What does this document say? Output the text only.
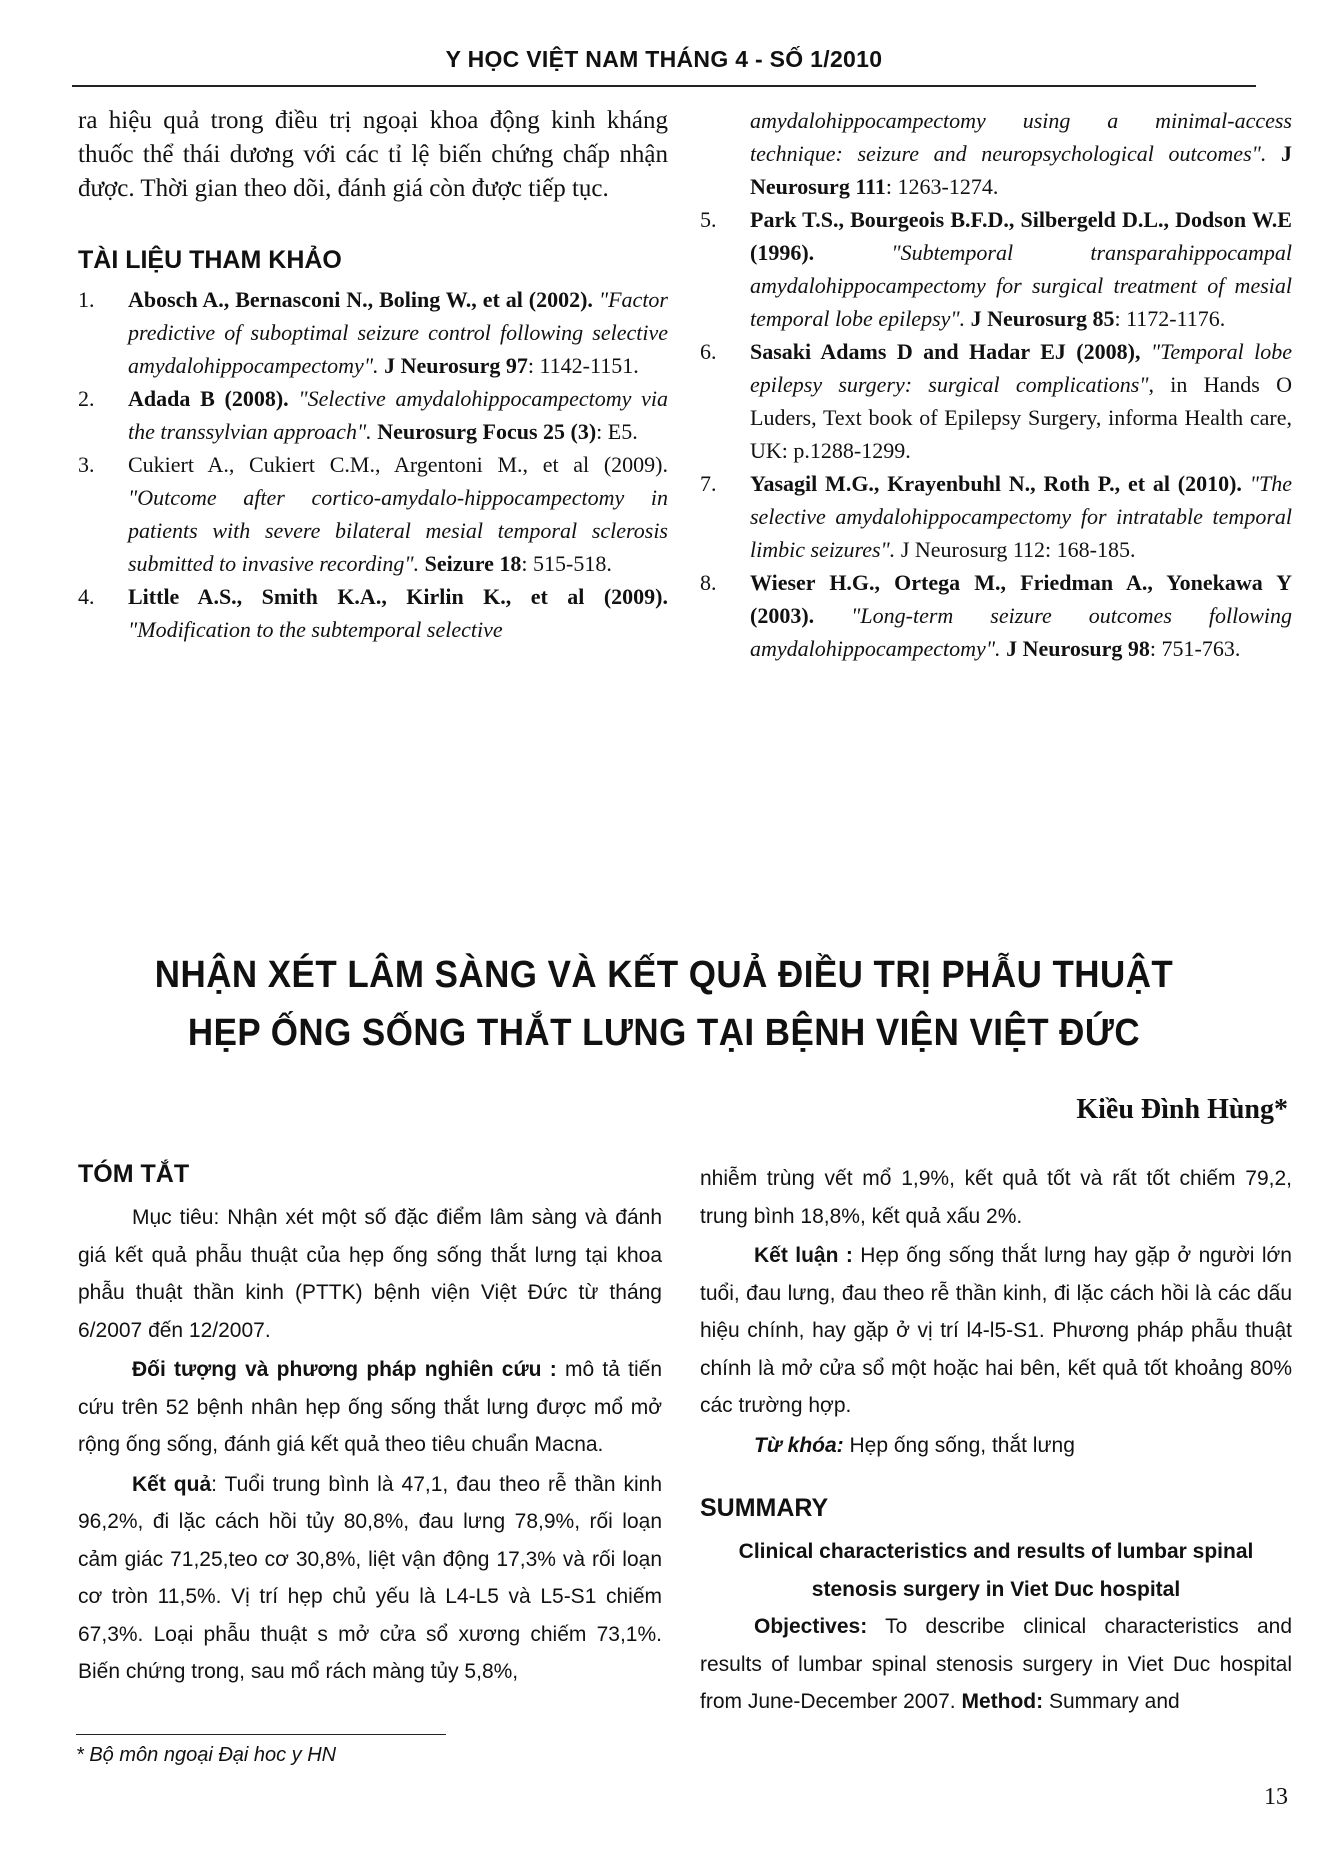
Y HỌC VIỆT NAM THÁNG 4 - SỐ 1/2010

ra hiệu quả trong điều trị ngoại khoa động kinh kháng thuốc thể thái dương với các tỉ lệ biến chứng chấp nhận được. Thời gian theo dõi, đánh giá còn được tiếp tục.

TÀI LIỆU THAM KHẢO
1.	Abosch A., Bernasconi N., Boling W., et al (2002). "Factor predictive of suboptimal seizure control following selective amydalohippocampectomy". J Neurosurg 97: 1142-1151.
2.	Adada B (2008). "Selective amydalohippocampectomy via the transsylvian approach". Neurosurg Focus 25 (3): E5.
3.	Cukiert A., Cukiert C.M., Argentoni M., et al (2009). "Outcome after cortico-amydalo-hippocampectomy in patients with severe bilateral mesial temporal sclerosis submitted to invasive recording". Seizure 18: 515-518.
4.	Little A.S., Smith K.A., Kirlin K., et al (2009). "Modification to the subtemporal selective
amydalohippocampectomy using a minimal-access technique: seizure and neuropsychological outcomes". J Neurosurg 111: 1263-1274.
5.	Park T.S., Bourgeois B.F.D., Silbergeld D.L., Dodson W.E (1996).	"Subtemporal transparahippocampal amydalohippocampectomy for surgical treatment of mesial temporal lobe epilepsy". J Neurosurg 85: 1172-1176.
6.	Sasaki Adams D and Hadar EJ (2008), "Temporal lobe epilepsy surgery: surgical complications", in Hands O Luders, Text book of Epilepsy Surgery, informa Health care, UK: p.1288-1299.
7.	Yasagil M.G., Krayenbuhl N., Roth P., et al (2010). "The selective amydalohippocampectomy for intratable temporal limbic seizures". J Neurosurg 112: 168-185.
8.	Wieser H.G., Ortega M., Friedman A., Yonekawa Y (2003). "Long-term seizure outcomes following amydalohippocampectomy". J Neurosurg 98: 751-763.
NHẬN XÉT LÂM SÀNG VÀ KẾT QUẢ ĐIỀU TRỊ PHẪU THUẬT
HẸP ỐNG SỐNG THẮT LƯNG TẠI BỆNH VIỆN VIỆT ĐỨC
Kiều Đình Hùng*
TÓM TẮT

Mục tiêu: Nhận xét một số đặc điểm lâm sàng và đánh giá kết quả phẫu thuật của hẹp ống sống thắt lưng tại khoa phẫu thuật thần kinh (PTTK) bệnh viện Việt Đức từ tháng 6/2007 đến 12/2007.

Đối tượng và phương pháp nghiên cứu : mô tả tiến cứu trên 52 bệnh nhân hẹp ống sống thắt lưng được mổ mở rộng ống sống, đánh giá kết quả theo tiêu chuẩn Macna.

Kết quả: Tuổi trung bình là 47,1, đau theo rễ thần kinh 96,2%, đi lặc cách hồi tủy 80,8%, đau lưng 78,9%, rối loạn cảm giác 71,25,teo cơ 30,8%, liệt vận động 17,3% và rối loạn cơ tròn 11,5%. Vị trí hẹp chủ yếu là L4-L5 và L5-S1 chiếm 67,3%. Loại phẫu thuật s mở cửa sổ xương chiếm 73,1%. Biến chứng trong, sau mổ rách màng tủy 5,8%,

nhiễm trùng vết mổ 1,9%, kết quả tốt và rất tốt chiếm 79,2, trung bình 18,8%, kết quả xấu 2%.

Kết luận : Hẹp ống sống thắt lưng hay gặp ở người lớn tuổi, đau lưng, đau theo rễ thần kinh, đi lặc cách hồi là các dấu hiệu chính, hay gặp ở vị trí l4-l5-S1. Phương pháp phẫu thuật chính là mở cửa sổ một hoặc hai bên, kết quả tốt khoảng 80% các trường hợp.

Từ khóa: Hẹp ống sống, thắt lưng

SUMMARY

Clinical characteristics and results of lumbar spinal stenosis surgery in Viet Duc hospital

Objectives: To describe clinical characteristics and results of lumbar spinal stenosis surgery in Viet Duc hospital from June-December 2007. Method: Summary and

* Bộ môn ngoại Đại hoc y HN
13
